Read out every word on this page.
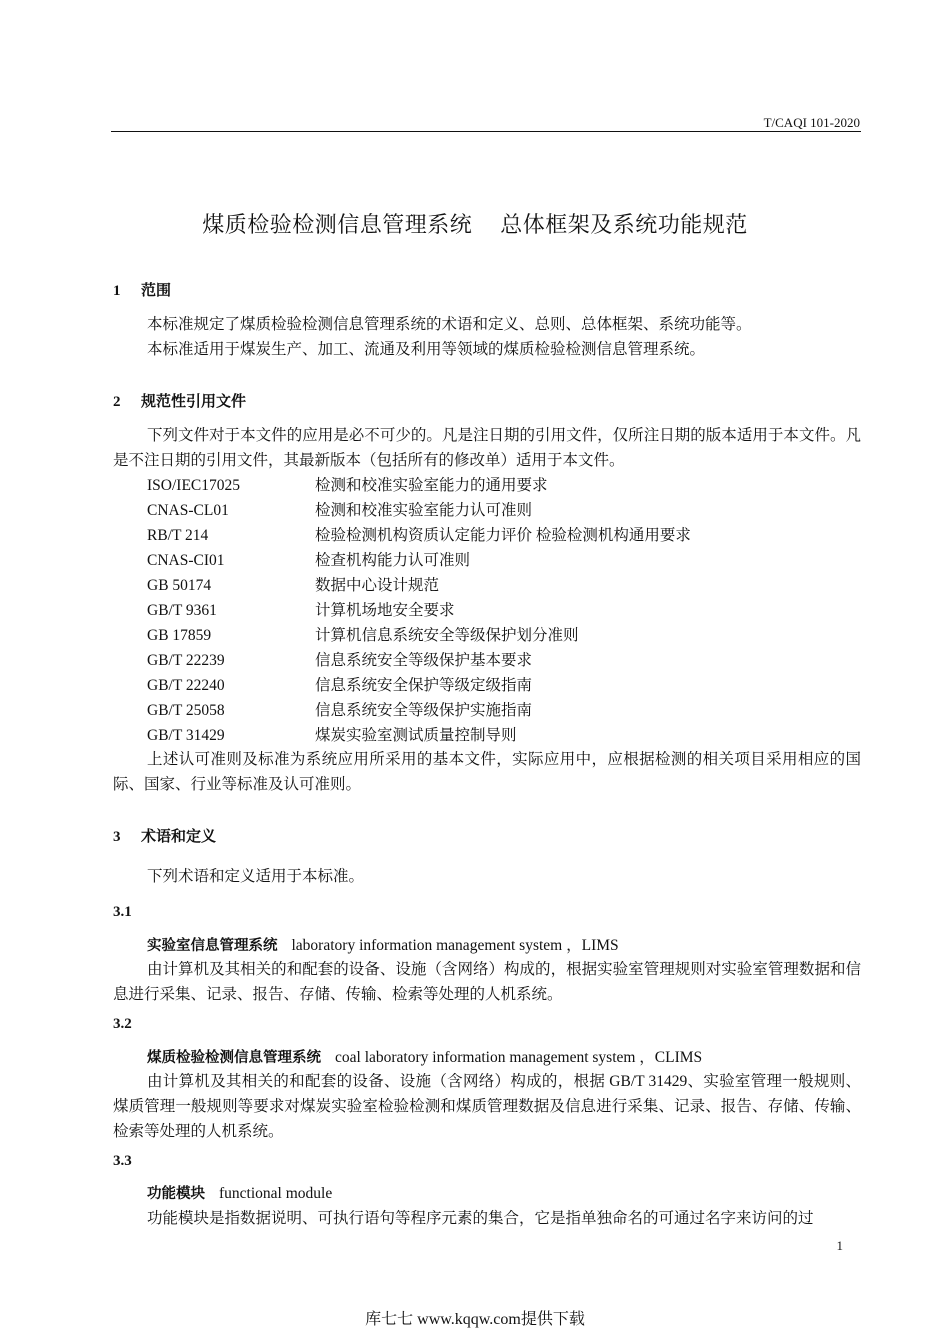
T/CAQI 101-2020
煤质检验检测信息管理系统 总体框架及系统功能规范
1 范围

本标准规定了煤质检验检测信息管理系统的术语和定义、总则、总体框架、系统功能等。

本标准适用于煤炭生产、加工、流通及利用等领域的煤质检验检测信息管理系统。

2 规范性引用文件

下列文件对于本文件的应用是必不可少的。凡是注日期的引用文件，仅所注日期的版本适用于本文件。凡是不注日期的引用文件，其最新版本（包括所有的修改单）适用于本文件。

ISO/IEC17025	检测和校准实验室能力的通用要求
CNAS-CL01	检测和校准实验室能力认可准则
RB/T 214	检验检测机构资质认定能力评价 检验检测机构通用要求
CNAS-CI01	检查机构能力认可准则
GB 50174	数据中心设计规范
GB/T 9361	计算机场地安全要求
GB 17859	计算机信息系统安全等级保护划分准则
GB/T 22239	信息系统安全等级保护基本要求
GB/T 22240	信息系统安全保护等级定级指南
GB/T 25058	信息系统安全等级保护实施指南
GB/T 31429	煤炭实验室测试质量控制导则

上述认可准则及标准为系统应用所采用的基本文件，实际应用中，应根据检测的相关项目采用相应的国际、国家、行业等标准及认可准则。

3 术语和定义

下列术语和定义适用于本标准。

3.1
实验室信息管理系统 laboratory information management system ，LIMS

由计算机及其相关的和配套的设备、设施（含网络）构成的，根据实验室管理规则对实验室管理数据和信息进行采集、记录、报告、存储、传输、检索等处理的人机系统。

3.2
煤质检验检测信息管理系统 coal laboratory information management system ，CLIMS

由计算机及其相关的和配套的设备、设施（含网络）构成的，根据 GB/T 31429、实验室管理一般规则、煤质管理一般规则等要求对煤炭实验室检验检测和煤质管理数据及信息进行采集、记录、报告、存储、传输、检索等处理的人机系统。

3.3
功能模块 functional module

功能模块是指数据说明、可执行语句等程序元素的集合，它是指单独命名的可通过名字来访问的过

1
库七七 www.kqqw.com提供下载
